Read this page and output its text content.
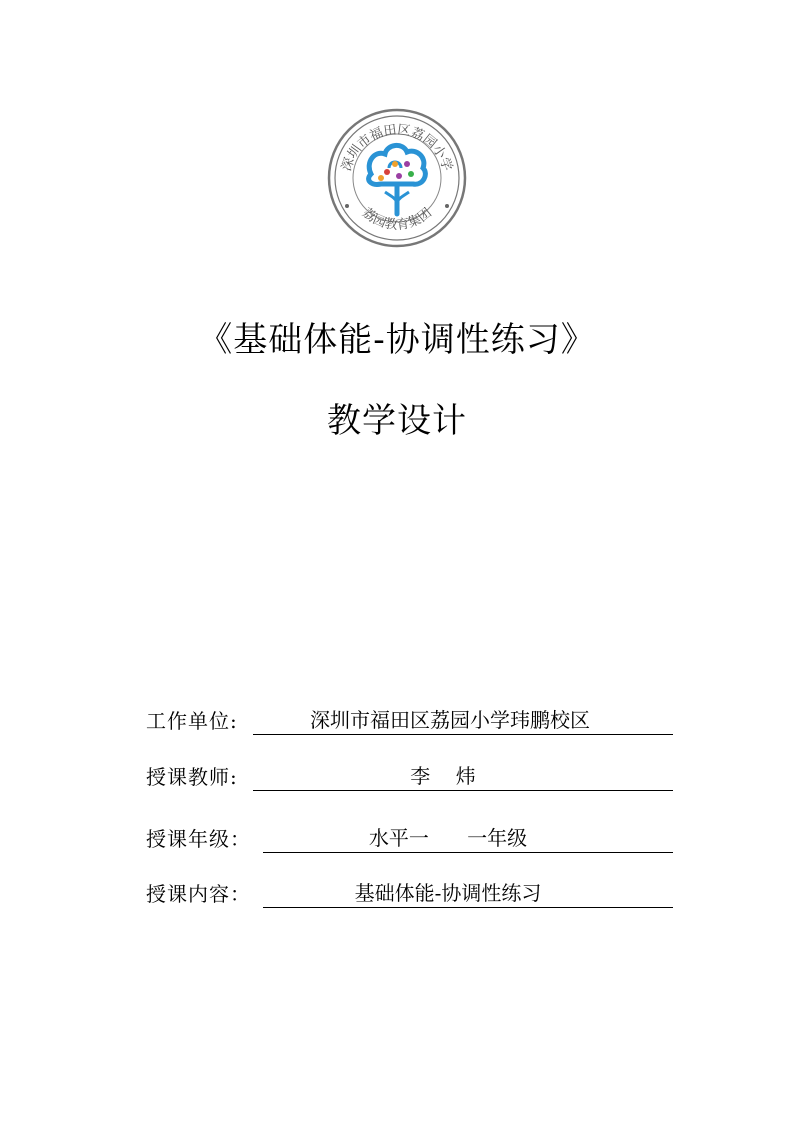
深圳市福田区荔园小学
荔园教育集团
《基础体能-协调性练习》
教学设计
工作单位:	深圳市福田区荔园小学玮鹏校区
授课教师:	李    炜
授课年级：	水平一      一年级
授课内容：	基础体能-协调性练习
